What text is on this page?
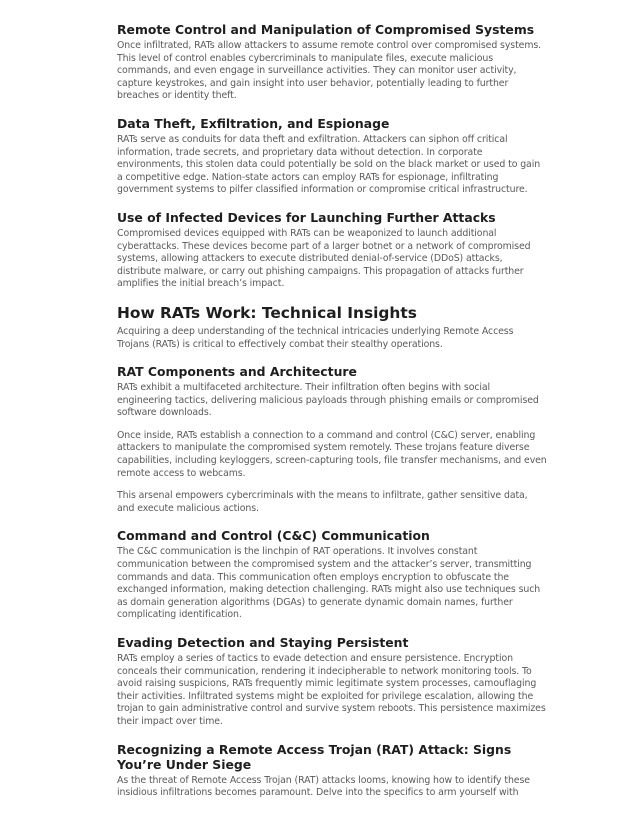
Remote Control and Manipulation of Compromised Systems

Once infiltrated, RATs allow attackers to assume remote control over compromised systems. This level of control enables cybercriminals to manipulate files, execute malicious commands, and even engage in surveillance activities. They can monitor user activity, capture keystrokes, and gain insight into user behavior, potentially leading to further breaches or identity theft.

Data Theft, Exfiltration, and Espionage

RATs serve as conduits for data theft and exfiltration. Attackers can siphon off critical information, trade secrets, and proprietary data without detection. In corporate environments, this stolen data could potentially be sold on the black market or used to gain a competitive edge. Nation-state actors can employ RATs for espionage, infiltrating government systems to pilfer classified information or compromise critical infrastructure.

Use of Infected Devices for Launching Further Attacks

Compromised devices equipped with RATs can be weaponized to launch additional cyberattacks. These devices become part of a larger botnet or a network of compromised systems, allowing attackers to execute distributed denial-of-service (DDoS) attacks, distribute malware, or carry out phishing campaigns. This propagation of attacks further amplifies the initial breach’s impact.

How RATs Work: Technical Insights

Acquiring a deep understanding of the technical intricacies underlying Remote Access Trojans (RATs) is critical to effectively combat their stealthy operations.

RAT Components and Architecture

RATs exhibit a multifaceted architecture. Their infiltration often begins with social engineering tactics, delivering malicious payloads through phishing emails or compromised software downloads.

Once inside, RATs establish a connection to a command and control (C&C) server, enabling attackers to manipulate the compromised system remotely. These trojans feature diverse capabilities, including keyloggers, screen-capturing tools, file transfer mechanisms, and even remote access to webcams.

This arsenal empowers cybercriminals with the means to infiltrate, gather sensitive data, and execute malicious actions.

Command and Control (C&C) Communication

The C&C communication is the linchpin of RAT operations. It involves constant communication between the compromised system and the attacker’s server, transmitting commands and data. This communication often employs encryption to obfuscate the exchanged information, making detection challenging. RATs might also use techniques such as domain generation algorithms (DGAs) to generate dynamic domain names, further complicating identification.

Evading Detection and Staying Persistent

RATs employ a series of tactics to evade detection and ensure persistence. Encryption conceals their communication, rendering it indecipherable to network monitoring tools. To avoid raising suspicions, RATs frequently mimic legitimate system processes, camouflaging their activities. Infiltrated systems might be exploited for privilege escalation, allowing the trojan to gain administrative control and survive system reboots. This persistence maximizes their impact over time.

Recognizing a Remote Access Trojan (RAT) Attack: Signs You’re Under Siege

As the threat of Remote Access Trojan (RAT) attacks looms, knowing how to identify these insidious infiltrations becomes paramount. Delve into the specifics to arm yourself with
